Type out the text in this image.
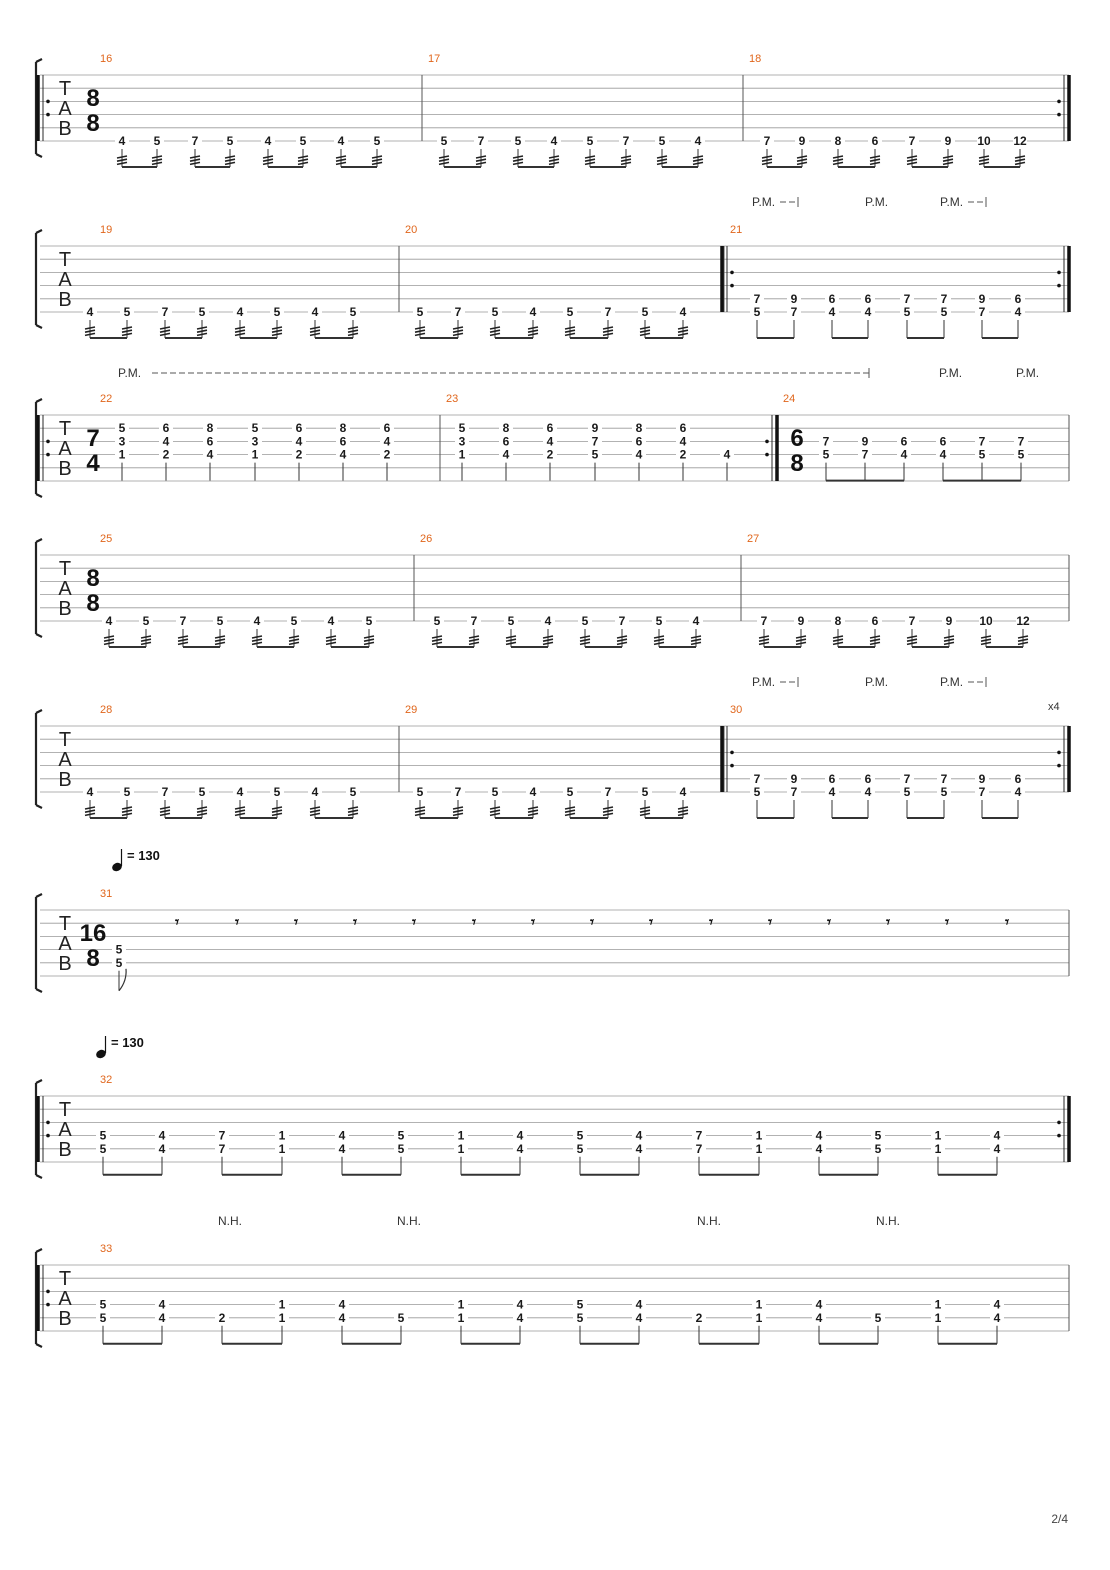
T
A
B
16
8
8
4 5	7 5	4 5	4 5
17
5	7	5 4 5 7 5 4
18
7 9 8	6	7 9 10 12
T
A
B
P.M.	P.M.	P.M.
19
4	5	7	5	4	5	4	5
20
5	7	5	4	5	7	5	4
21
7
5
9
7
6
4
6
4
7
5
7
5
9
7
6
4
T
A
B
P.M.	P.M.	P.M.
22
7
4
5
3
1
6
4
2
8
6
4
5
3
1
6
4
2
8
6
4
6
4
2
23
5
3
1
8
6
4
6
4
2
9
7
5
8
6
4
6
4
2	4
24
6
8
7
5
9
7
6
4
6
4
7
5
7
5
T
A
B
25
8
8
4	5	7	5	4	5	4	5
26
5	7	5	4	5	7	5	4
27
7	9	8	6	7	9 10 12
T
A
B
x4
P.M.	P.M.	P.M.
28
4	5	7	5	4	5	4	5
29
5	7	5	4	5	7	5	4
30
7
5
9
7
6
4
6
4
7
5
7
5
9
7
6
4
T
A
B
= 130
𝄾	𝄾	𝄾	𝄾	𝄾	𝄾	𝄾	𝄾	𝄾	𝄾	𝄾	𝄾	𝄾	𝄾	𝄾
31
16
8 5
5
T
A
B
= 130
32
5
5
4
4
7
7
1
1
4
4
5
5
1
1
4
4
5
5
4
4
7
7
1
1
4
4
5
5
1
1
4
4
T
A
B
N.H.	N.H.	N.H.	N.H.
33
5
5
4
4	2
1
1
4
4	5
1
1
4
4
5
5
4
4	2
1
1
4
4	5
1
1
4
4
2/4
